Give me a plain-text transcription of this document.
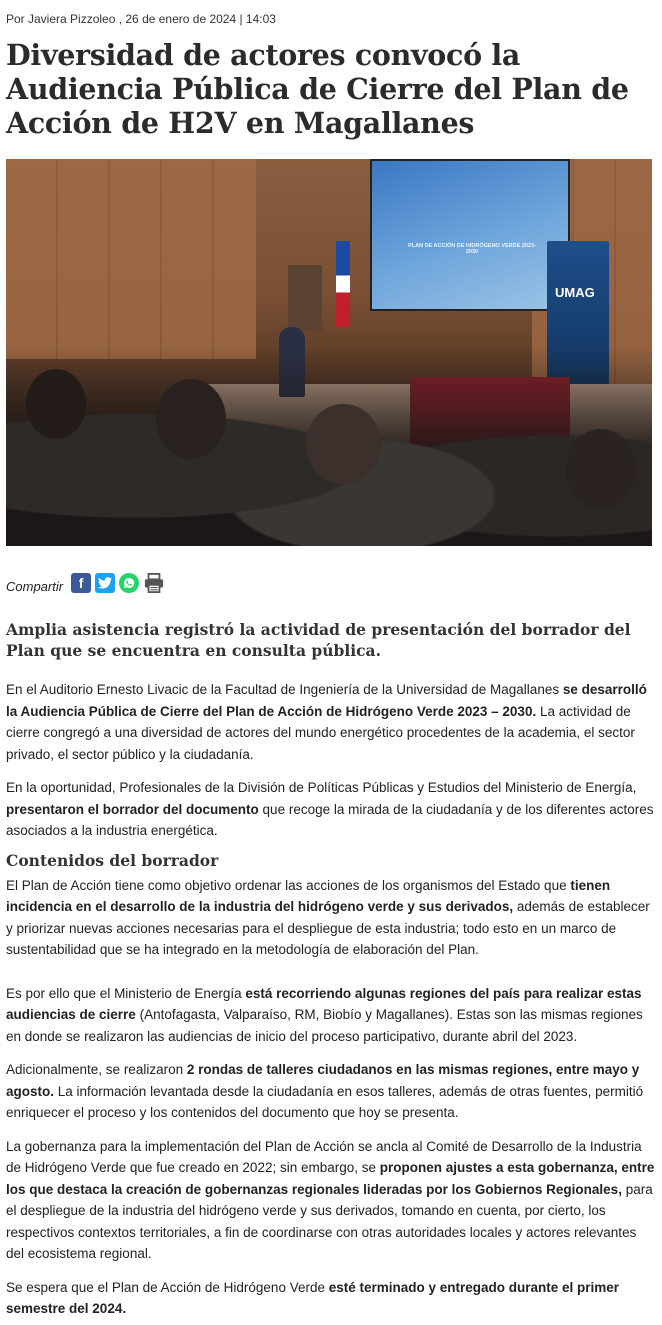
Por Javiera Pizzoleo , 26 de enero de 2024 | 14:03
Diversidad de actores convocó la Audiencia Pública de Cierre del Plan de Acción de H2V en Magallanes
PLAN DE ACCIÓN DE HIDRÓGENO VERDE 2023-2030
UMAG
Compartir	f
Amplia asistencia registró la actividad de presentación del borrador del Plan que se encuentra en consulta pública.

En el Auditorio Ernesto Livacic de la Facultad de Ingeniería de la Universidad de Magallanes se desarrolló la Audiencia Pública de Cierre del Plan de Acción de Hidrógeno Verde 2023 – 2030. La actividad de cierre congregó a una diversidad de actores del mundo energético procedentes de la academia, el sector privado, el sector público y la ciudadanía.

En la oportunidad, Profesionales de la División de Políticas Públicas y Estudios del Ministerio de Energía, presentaron el borrador del documento que recoge la mirada de la ciudadanía y de los diferentes actores asociados a la industria energética.

Contenidos del borrador

El Plan de Acción tiene como objetivo ordenar las acciones de los organismos del Estado que tienen incidencia en el desarrollo de la industria del hidrógeno verde y sus derivados, además de establecer y priorizar nuevas acciones necesarias para el despliegue de esta industria; todo esto en un marco de sustentabilidad que se ha integrado en la metodología de elaboración del Plan.

Es por ello que el Ministerio de Energía está recorriendo algunas regiones del país para realizar estas audiencias de cierre (Antofagasta, Valparaíso, RM, Biobío y Magallanes). Estas son las mismas regiones en donde se realizaron las audiencias de inicio del proceso participativo, durante abril del 2023.

Adicionalmente, se realizaron 2 rondas de talleres ciudadanos en las mismas regiones, entre mayo y agosto. La información levantada desde la ciudadanía en esos talleres, además de otras fuentes, permitió enriquecer el proceso y los contenidos del documento que hoy se presenta.

La gobernanza para la implementación del Plan de Acción se ancla al Comité de Desarrollo de la Industria de Hidrógeno Verde que fue creado en 2022; sin embargo, se proponen ajustes a esta gobernanza, entre los que destaca la creación de gobernanzas regionales lideradas por los Gobiernos Regionales, para el despliegue de la industria del hidrógeno verde y sus derivados, tomando en cuenta, por cierto, los respectivos contextos territoriales, a fin de coordinarse con otras autoridades locales y actores relevantes del ecosistema regional.

Se espera que el Plan de Acción de Hidrógeno Verde esté terminado y entregado durante el primer semestre del 2024.
